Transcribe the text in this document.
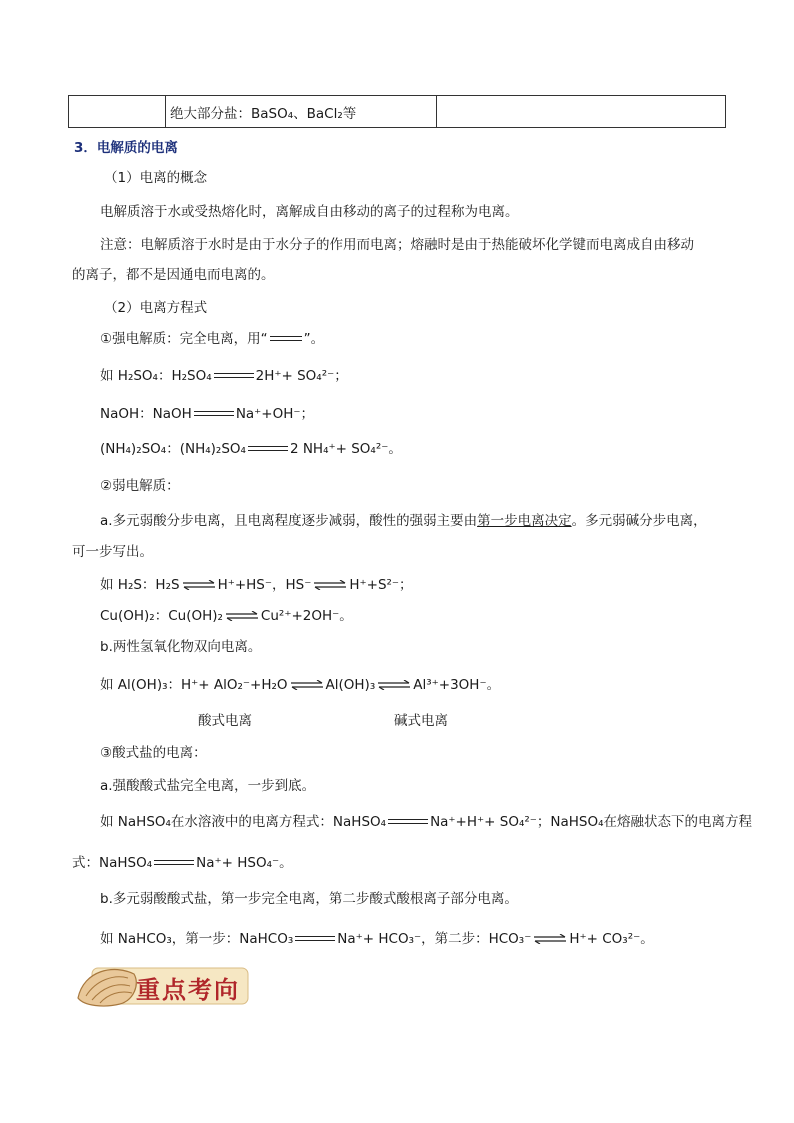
	绝大部分盐：BaSO₄、BaCl₂等	
3．电解质的电离
（1）电离的概念
电解质溶于水或受热熔化时，离解成自由移动的离子的过程称为电离。
注意：电解质溶于水时是由于水分子的作用而电离；熔融时是由于热能破坏化学键而电离成自由移动
的离子，都不是因通电而电离的。
（2）电离方程式
①强电解质：完全电离，用“	”。
如 H₂SO₄：H₂SO₄	2H⁺+ SO₄²⁻；
NaOH：NaOH	Na⁺+OH⁻；
(NH₄)₂SO₄：(NH₄)₂SO₄	2 NH₄⁺+ SO₄²⁻。
②弱电解质：
a.多元弱酸分步电离，且电离程度逐步减弱，酸性的强弱主要由第一步电离决定。多元弱碱分步电离，
可一步写出。
如 H₂S：H₂S ⇌ H⁺+HS⁻，HS⁻ ⇌ H⁺+S²⁻；
Cu(OH)₂：Cu(OH)₂ ⇌ Cu²⁺+2OH⁻。
b.两性氢氧化物双向电离。
如 Al(OH)₃：H⁺+ AlO₂⁻+H₂O ⇌ Al(OH)₃ ⇌ Al³⁺+3OH⁻。
酸式电离	碱式电离
③酸式盐的电离：
a.强酸酸式盐完全电离，一步到底。
如 NaHSO₄在水溶液中的电离方程式：NaHSO₄	Na⁺+H⁺+ SO₄²⁻；NaHSO₄在熔融状态下的电离方程
式：NaHSO₄	Na⁺+ HSO₄⁻。
b.多元弱酸酸式盐，第一步完全电离，第二步酸式酸根离子部分电离。
如 NaHCO₃，第一步：NaHCO₃	Na⁺+ HCO₃⁻，第二步：HCO₃⁻ ⇌ H⁺+ CO₃²⁻。
重点考向
